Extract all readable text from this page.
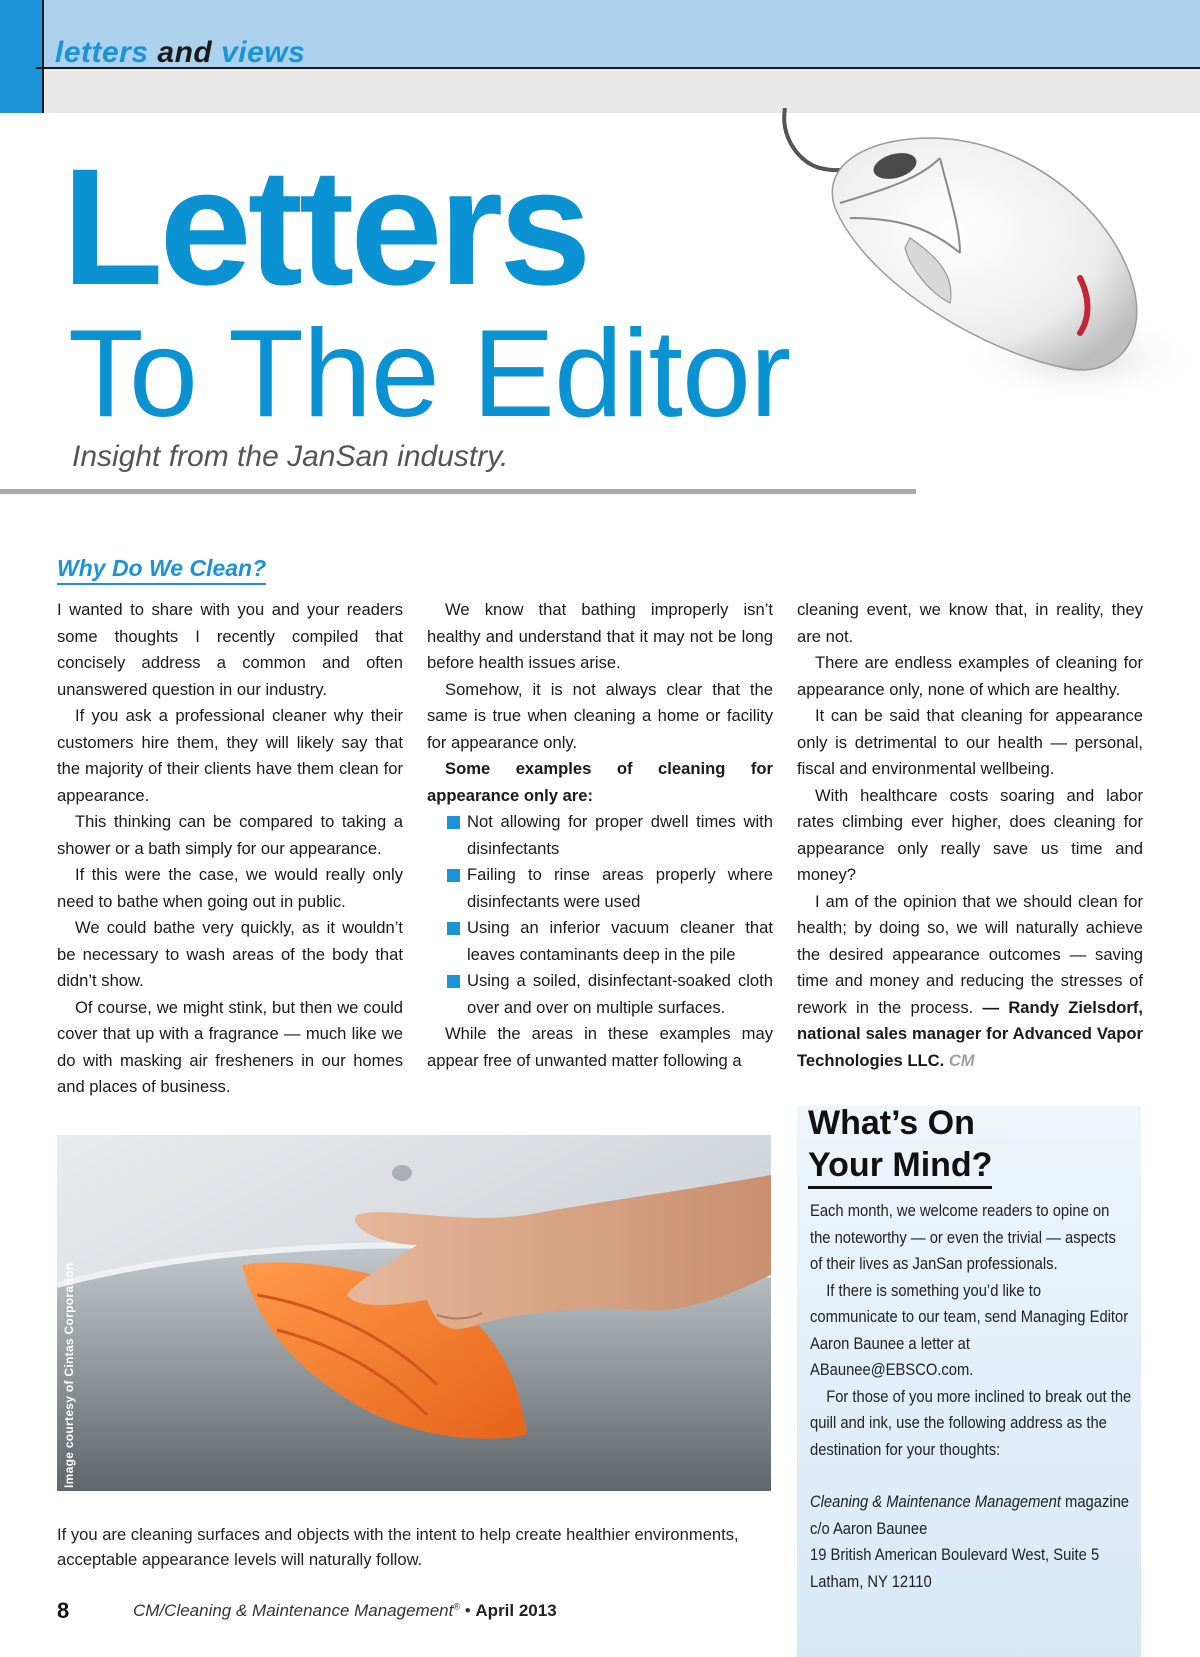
letters and views
Letters
To The Editor
Insight from the JanSan industry.
Why Do We Clean?

I wanted to share with you and your readers some thoughts I recently compiled that concisely address a common and often unanswered question in our industry.

If you ask a professional cleaner why their customers hire them, they will likely say that the majority of their clients have them clean for appearance.

This thinking can be compared to taking a shower or a bath simply for our appearance.

If this were the case, we would really only need to bathe when going out in public.

We could bathe very quickly, as it wouldn’t be necessary to wash areas of the body that didn’t show.

Of course, we might stink, but then we could cover that up with a fragrance — much like we do with masking air fresheners in our homes and places of business.

We know that bathing improperly isn’t healthy and understand that it may not be long before health issues arise.

Somehow, it is not always clear that the same is true when cleaning a home or facility for appearance only.

Some examples of cleaning for appearance only are:

Not allowing for proper dwell times with disinfectants
Failing to rinse areas properly where disinfectants were used
Using an inferior vacuum cleaner that leaves contaminants deep in the pile
Using a soiled, disinfectant-soaked cloth over and over on multiple surfaces.

While the areas in these examples may appear free of unwanted matter following a

cleaning event, we know that, in reality, they are not.

There are endless examples of cleaning for appearance only, none of which are healthy.

It can be said that cleaning for appearance only is detrimental to our health — personal, fiscal and environmental wellbeing.

With healthcare costs soaring and labor rates climbing ever higher, does cleaning for appearance only really save us time and money?

I am of the opinion that we should clean for health; by doing so, we will naturally achieve the desired appearance outcomes — saving time and money and reducing the stresses of rework in the process. — Randy Zielsdorf, national sales manager for Advanced Vapor Technologies LLC. CM

Image courtesy of Cintas Corporation
If you are cleaning surfaces and objects with the intent to help create healthier environments, acceptable appearance levels will naturally follow.
What’s On
Your Mind?

Each month, we welcome readers to opine on the noteworthy — or even the trivial — aspects of their lives as JanSan professionals.

If there is something you’d like to communicate to our team, send Managing Editor Aaron Baunee a letter at ABaunee@EBSCO.com.

For those of you more inclined to break out the quill and ink, use the following address as the destination for your thoughts:

Cleaning & Maintenance Management magazine
c/o Aaron Baunee
19 British American Boulevard West, Suite 5
Latham, NY 12110
8	CM/Cleaning & Maintenance Management® • April 2013
